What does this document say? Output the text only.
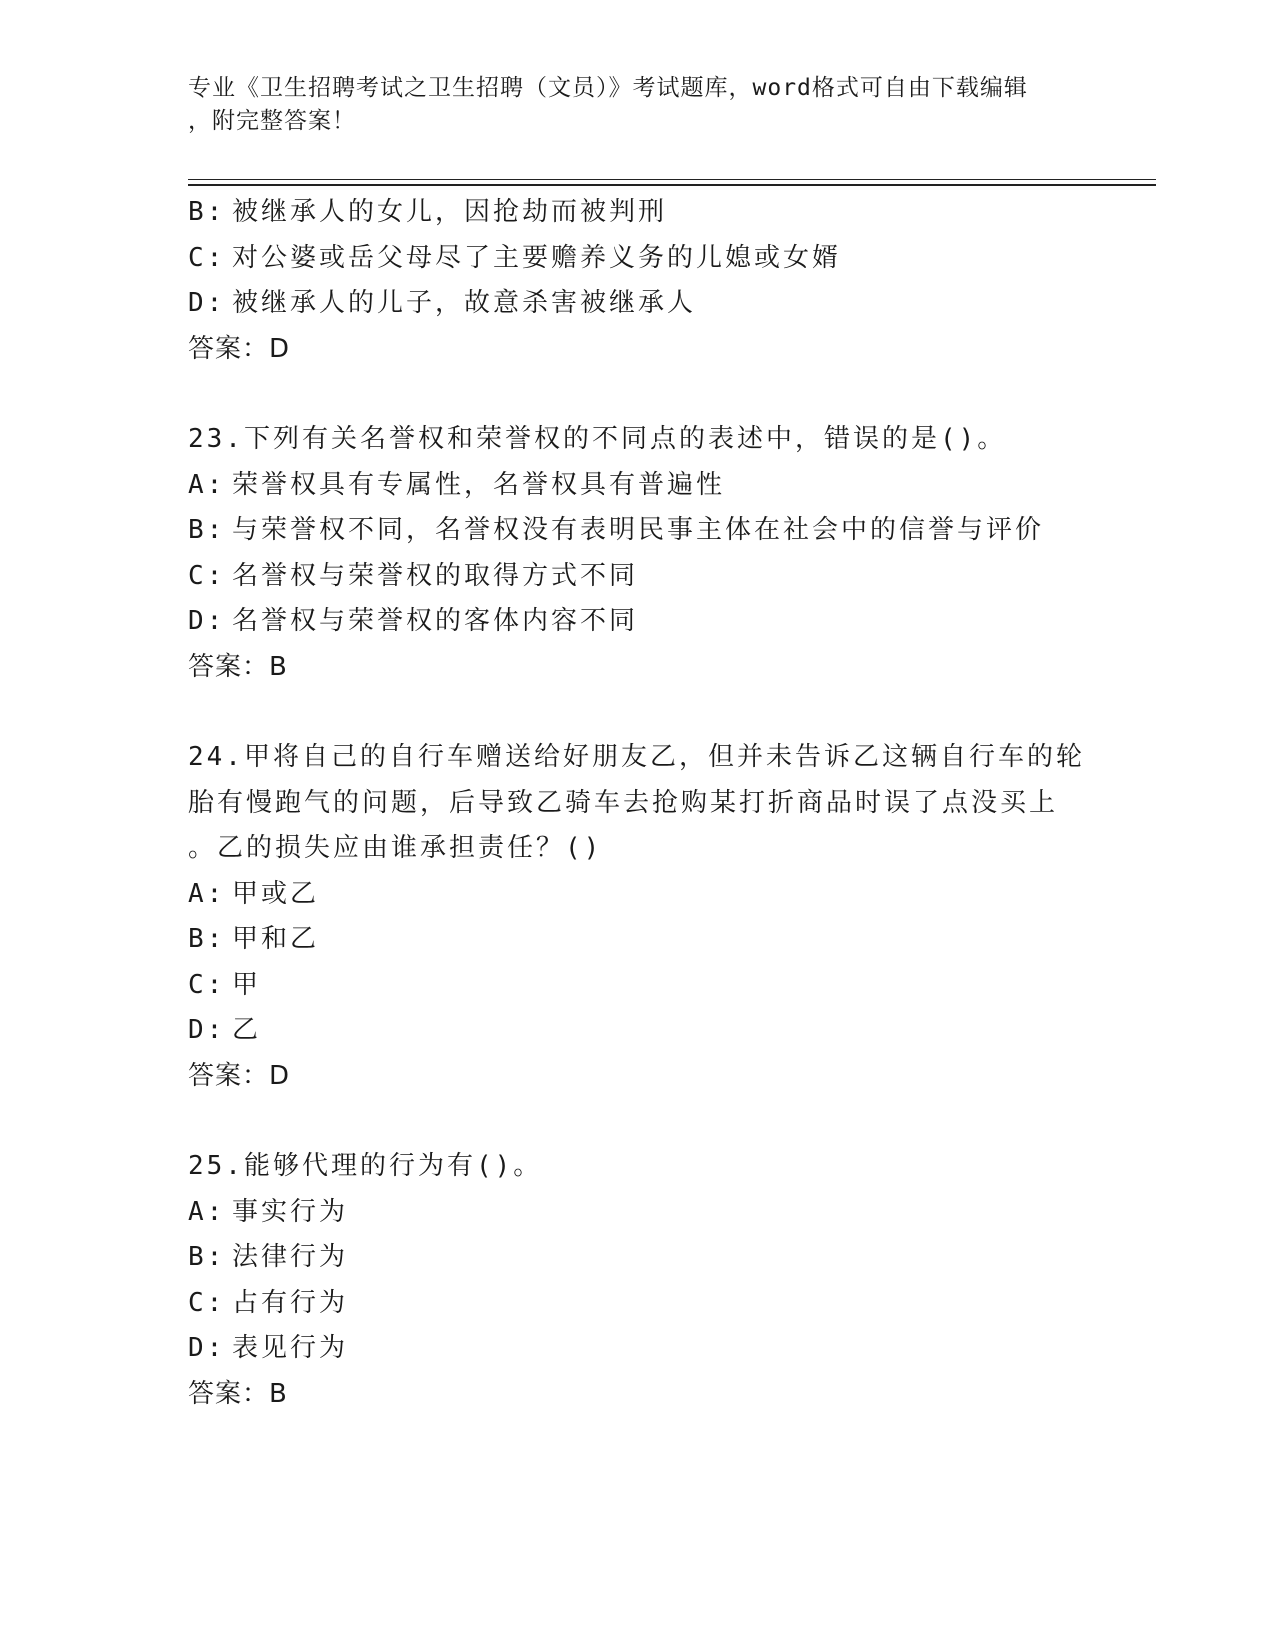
专业《卫生招聘考试之卫生招聘（文员）》考试题库，word格式可自由下载编辑
，附完整答案！
B: 被继承人的女儿，因抢劫而被判刑
C: 对公婆或岳父母尽了主要赡养义务的儿媳或女婿
D: 被继承人的儿子，故意杀害被继承人
答案：D
23.下列有关名誉权和荣誉权的不同点的表述中，错误的是()。
A: 荣誉权具有专属性，名誉权具有普遍性
B: 与荣誉权不同，名誉权没有表明民事主体在社会中的信誉与评价
C: 名誉权与荣誉权的取得方式不同
D: 名誉权与荣誉权的客体内容不同
答案：B
24.甲将自己的自行车赠送给好朋友乙，但并未告诉乙这辆自行车的轮
胎有慢跑气的问题，后导致乙骑车去抢购某打折商品时误了点没买上
。乙的损失应由谁承担责任？()
A: 甲或乙
B: 甲和乙
C: 甲
D: 乙
答案：D
25.能够代理的行为有()。
A: 事实行为
B: 法律行为
C: 占有行为
D: 表见行为
答案：B
